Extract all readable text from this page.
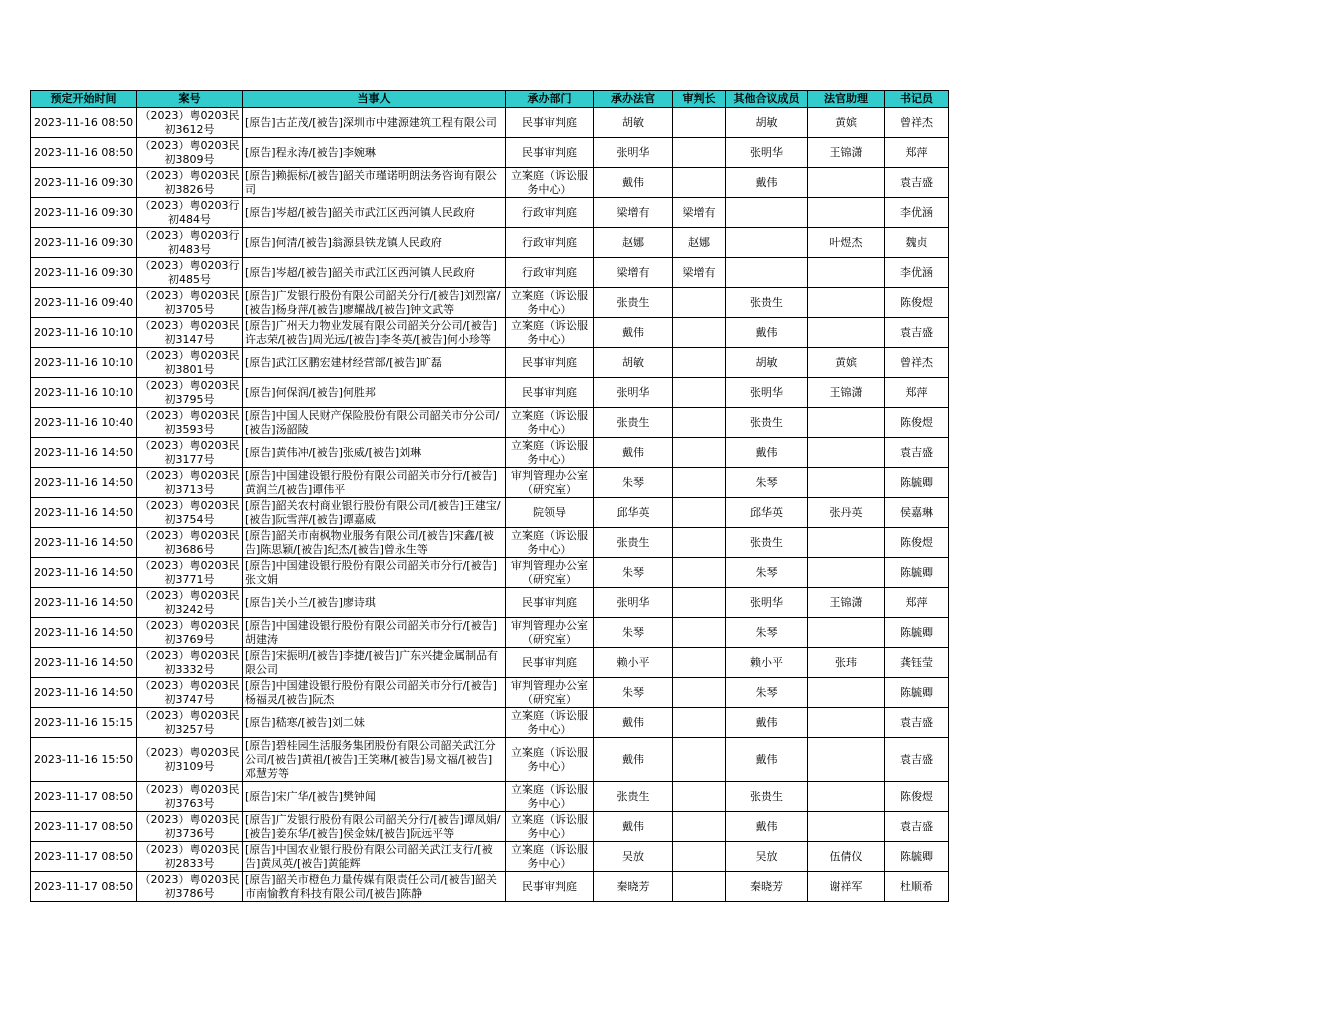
预定开始时间	案号	当事人	承办部门	承办法官	审判长	其他合议成员	法官助理	书记员
2023-11-16 08:50	（2023）粤0203民初3612号	[原告]古芷茂/[被告]深圳市中建源建筑工程有限公司	民事审判庭	胡敏		胡敏	黄嫔	曾祥杰
2023-11-16 08:50	（2023）粤0203民初3809号	[原告]程永涛/[被告]李婉琳	民事审判庭	张明华		张明华	王锦潇	郑萍
2023-11-16 09:30	（2023）粤0203民初3826号	[原告]赖振标/[被告]韶关市瑾诺明朗法务咨询有限公司	立案庭（诉讼服务中心）	戴伟		戴伟		袁吉盛
2023-11-16 09:30	（2023）粤0203行初484号	[原告]岑超/[被告]韶关市武江区西河镇人民政府	行政审判庭	梁增有	梁增有			李优涵
2023-11-16 09:30	（2023）粤0203行初483号	[原告]何清/[被告]翁源县铁龙镇人民政府	行政审判庭	赵娜	赵娜		叶煜杰	魏贞
2023-11-16 09:30	（2023）粤0203行初485号	[原告]岑超/[被告]韶关市武江区西河镇人民政府	行政审判庭	梁增有	梁增有			李优涵
2023-11-16 09:40	（2023）粤0203民初3705号	[原告]广发银行股份有限公司韶关分行/[被告]刘烈富/[被告]杨身萍/[被告]廖耀战/[被告]钟文武等	立案庭（诉讼服务中心）	张贵生		张贵生		陈俊煜
2023-11-16 10:10	（2023）粤0203民初3147号	[原告]广州天力物业发展有限公司韶关分公司/[被告]许志荣/[被告]周光远/[被告]李冬英/[被告]何小珍等	立案庭（诉讼服务中心）	戴伟		戴伟		袁吉盛
2023-11-16 10:10	（2023）粤0203民初3801号	[原告]武江区鹏宏建材经营部/[被告]旷磊	民事审判庭	胡敏		胡敏	黄嫔	曾祥杰
2023-11-16 10:10	（2023）粤0203民初3795号	[原告]何保润/[被告]何胜邦	民事审判庭	张明华		张明华	王锦潇	郑萍
2023-11-16 10:40	（2023）粤0203民初3593号	[原告]中国人民财产保险股份有限公司韶关市分公司/[被告]汤韶陵	立案庭（诉讼服务中心）	张贵生		张贵生		陈俊煜
2023-11-16 14:50	（2023）粤0203民初3177号	[原告]黄伟冲/[被告]张威/[被告]刘琳	立案庭（诉讼服务中心）	戴伟		戴伟		袁吉盛
2023-11-16 14:50	（2023）粤0203民初3713号	[原告]中国建设银行股份有限公司韶关市分行/[被告]黄润兰/[被告]谭伟平	审判管理办公室（研究室）	朱琴		朱琴		陈毓卿
2023-11-16 14:50	（2023）粤0203民初3754号	[原告]韶关农村商业银行股份有限公司/[被告]王建宝/[被告]阮雪萍/[被告]谭嘉威	院领导	邱华英		邱华英	张丹英	侯嘉琳
2023-11-16 14:50	（2023）粤0203民初3686号	[原告]韶关市南枫物业服务有限公司/[被告]宋鑫/[被告]陈思颖/[被告]纪杰/[被告]曾永生等	立案庭（诉讼服务中心）	张贵生		张贵生		陈俊煜
2023-11-16 14:50	（2023）粤0203民初3771号	[原告]中国建设银行股份有限公司韶关市分行/[被告]张文娟	审判管理办公室（研究室）	朱琴		朱琴		陈毓卿
2023-11-16 14:50	（2023）粤0203民初3242号	[原告]关小兰/[被告]廖诗琪	民事审判庭	张明华		张明华	王锦潇	郑萍
2023-11-16 14:50	（2023）粤0203民初3769号	[原告]中国建设银行股份有限公司韶关市分行/[被告]胡建涛	审判管理办公室（研究室）	朱琴		朱琴		陈毓卿
2023-11-16 14:50	（2023）粤0203民初3332号	[原告]宋振明/[被告]李捷/[被告]广东兴捷金属制品有限公司	民事审判庭	赖小平		赖小平	张玮	龚钰莹
2023-11-16 14:50	（2023）粤0203民初3747号	[原告]中国建设银行股份有限公司韶关市分行/[被告]杨福灵/[被告]阮杰	审判管理办公室（研究室）	朱琴		朱琴		陈毓卿
2023-11-16 15:15	（2023）粤0203民初3257号	[原告]嵇寒/[被告]刘二妹	立案庭（诉讼服务中心）	戴伟		戴伟		袁吉盛
2023-11-16 15:50	（2023）粤0203民初3109号	[原告]碧桂园生活服务集团股份有限公司韶关武江分公司/[被告]黄祖/[被告]王笑琳/[被告]易文福/[被告]邓慧芳等	立案庭（诉讼服务中心）	戴伟		戴伟		袁吉盛
2023-11-17 08:50	（2023）粤0203民初3763号	[原告]宋广华/[被告]樊钟闻	立案庭（诉讼服务中心）	张贵生		张贵生		陈俊煜
2023-11-17 08:50	（2023）粤0203民初3736号	[原告]广发银行股份有限公司韶关分行/[被告]谭凤娟/[被告]姜东华/[被告]侯金妹/[被告]阮远平等	立案庭（诉讼服务中心）	戴伟		戴伟		袁吉盛
2023-11-17 08:50	（2023）粤0203民初2833号	[原告]中国农业银行股份有限公司韶关武江支行/[被告]黄凤英/[被告]黄能辉	立案庭（诉讼服务中心）	吴放		吴放	伍倩仪	陈毓卿
2023-11-17 08:50	（2023）粤0203民初3786号	[原告]韶关市橙色力量传媒有限责任公司/[被告]韶关市南愉教育科技有限公司/[被告]陈静	民事审判庭	秦晓芳		秦晓芳	谢祥军	杜顺希
